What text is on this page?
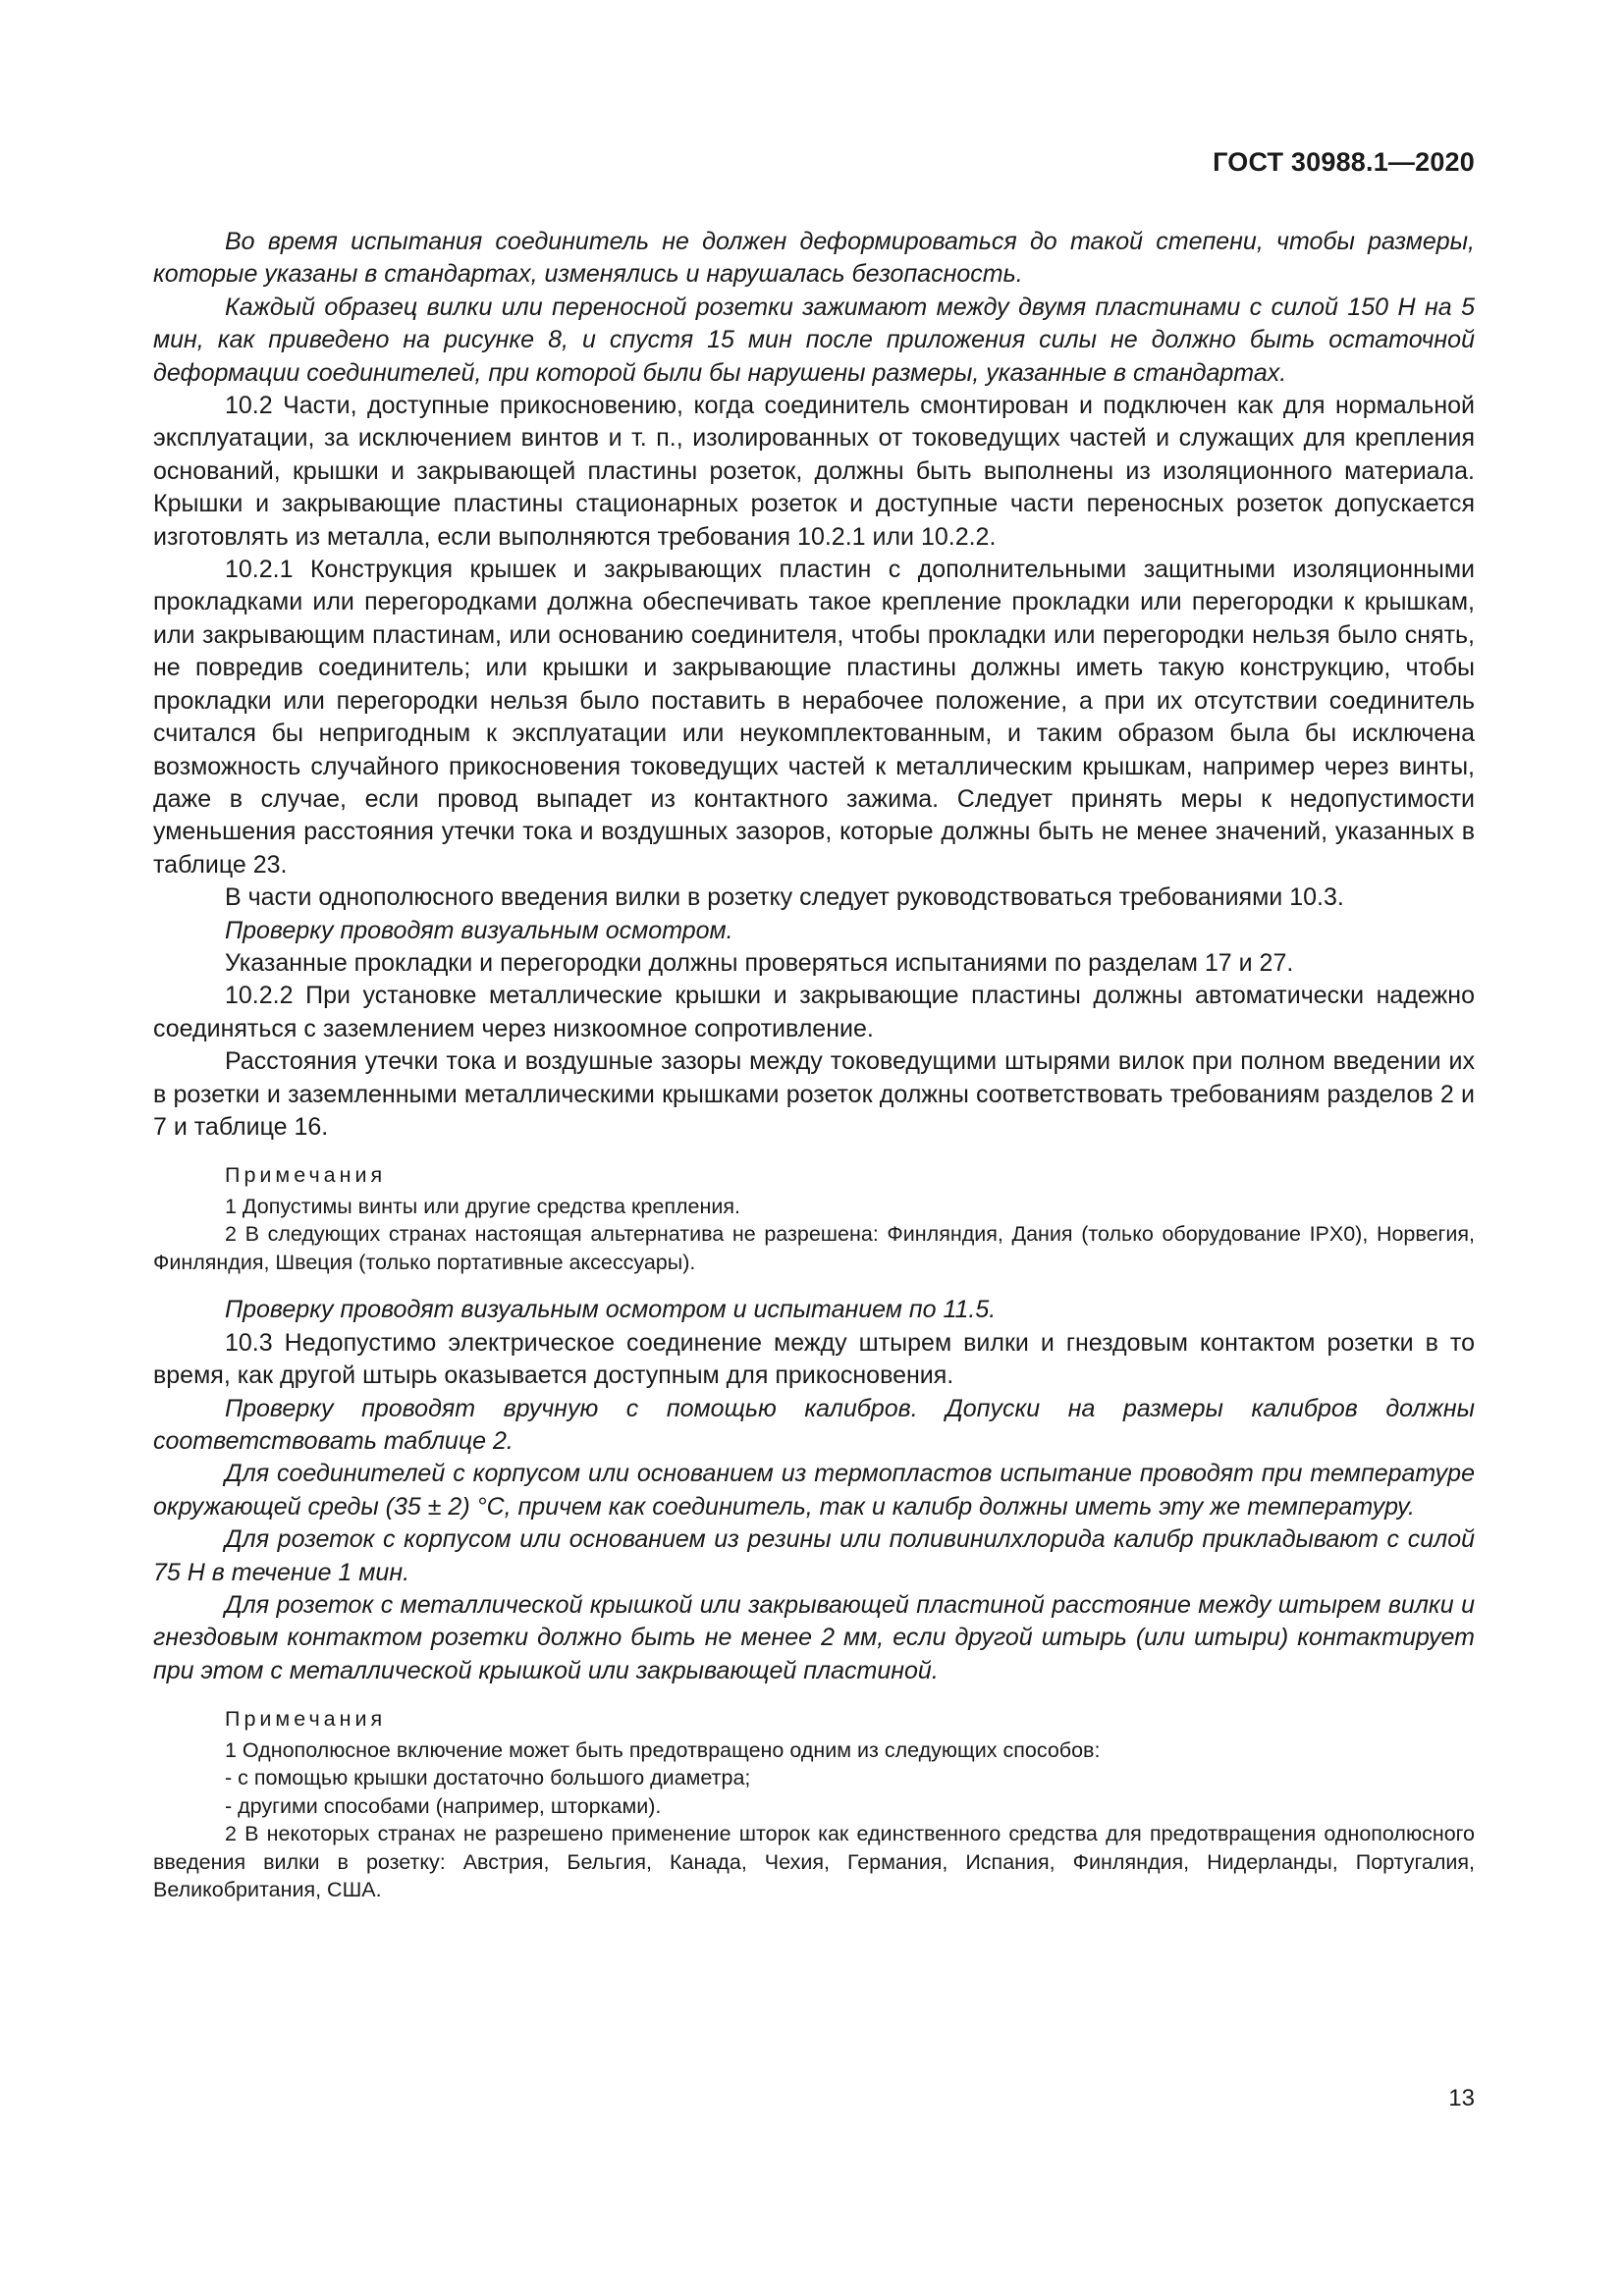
ГОСТ 30988.1—2020

Во время испытания соединитель не должен деформироваться до такой степени, чтобы размеры, которые указаны в стандартах, изменялись и нарушалась безопасность.

Каждый образец вилки или переносной розетки зажимают между двумя пластинами с силой 150 Н на 5 мин, как приведено на рисунке 8, и спустя 15 мин после приложения силы не должно быть остаточной деформации соединителей, при которой были бы нарушены размеры, указанные в стандартах.

10.2 Части, доступные прикосновению, когда соединитель смонтирован и подключен как для нормальной эксплуатации, за исключением винтов и т. п., изолированных от токоведущих частей и служащих для крепления оснований, крышки и закрывающей пластины розеток, должны быть выполнены из изоляционного материала. Крышки и закрывающие пластины стационарных розеток и доступные части переносных розеток допускается изготовлять из металла, если выполняются требования 10.2.1 или 10.2.2.

10.2.1 Конструкция крышек и закрывающих пластин с дополнительными защитными изоляционными прокладками или перегородками должна обеспечивать такое крепление прокладки или перегородки к крышкам, или закрывающим пластинам, или основанию соединителя, чтобы прокладки или перегородки нельзя было снять, не повредив соединитель; или крышки и закрывающие пластины должны иметь такую конструкцию, чтобы прокладки или перегородки нельзя было поставить в нерабочее положение, а при их отсутствии соединитель считался бы непригодным к эксплуатации или неукомплектованным, и таким образом была бы исключена возможность случайного прикосновения токоведущих частей к металлическим крышкам, например через винты, даже в случае, если провод выпадет из контактного зажима. Следует принять меры к недопустимости уменьшения расстояния утечки тока и воздушных зазоров, которые должны быть не менее значений, указанных в таблице 23.

В части однополюсного введения вилки в розетку следует руководствоваться требованиями 10.3.

Проверку проводят визуальным осмотром.

Указанные прокладки и перегородки должны проверяться испытаниями по разделам 17 и 27.

10.2.2 При установке металлические крышки и закрывающие пластины должны автоматически надежно соединяться с заземлением через низкоомное сопротивление.

Расстояния утечки тока и воздушные зазоры между токоведущими штырями вилок при полном введении их в розетки и заземленными металлическими крышками розеток должны соответствовать требованиям разделов 2 и 7 и таблице 16.

Примечания

1 Допустимы винты или другие средства крепления.

2 В следующих странах настоящая альтернатива не разрешена: Финляндия, Дания (только оборудование IPX0), Норвегия, Финляндия, Швеция (только портативные аксессуары).

Проверку проводят визуальным осмотром и испытанием по 11.5.

10.3 Недопустимо электрическое соединение между штырем вилки и гнездовым контактом розетки в то время, как другой штырь оказывается доступным для прикосновения.

Проверку проводят вручную с помощью калибров. Допуски на размеры калибров должны соответствовать таблице 2.

Для соединителей с корпусом или основанием из термопластов испытание проводят при температуре окружающей среды (35 ± 2) °С, причем как соединитель, так и калибр должны иметь эту же температуру.

Для розеток с корпусом или основанием из резины или поливинилхлорида калибр прикладывают с силой 75 Н в течение 1 мин.

Для розеток с металлической крышкой или закрывающей пластиной расстояние между штырем вилки и гнездовым контактом розетки должно быть не менее 2 мм, если другой штырь (или штыри) контактирует при этом с металлической крышкой или закрывающей пластиной.

Примечания

1 Однополюсное включение может быть предотвращено одним из следующих способов:

- с помощью крышки достаточно большого диаметра;

- другими способами (например, шторками).

2 В некоторых странах не разрешено применение шторок как единственного средства для предотвращения однополюсного введения вилки в розетку: Австрия, Бельгия, Канада, Чехия, Германия, Испания, Финляндия, Нидерланды, Португалия, Великобритания, США.

13
